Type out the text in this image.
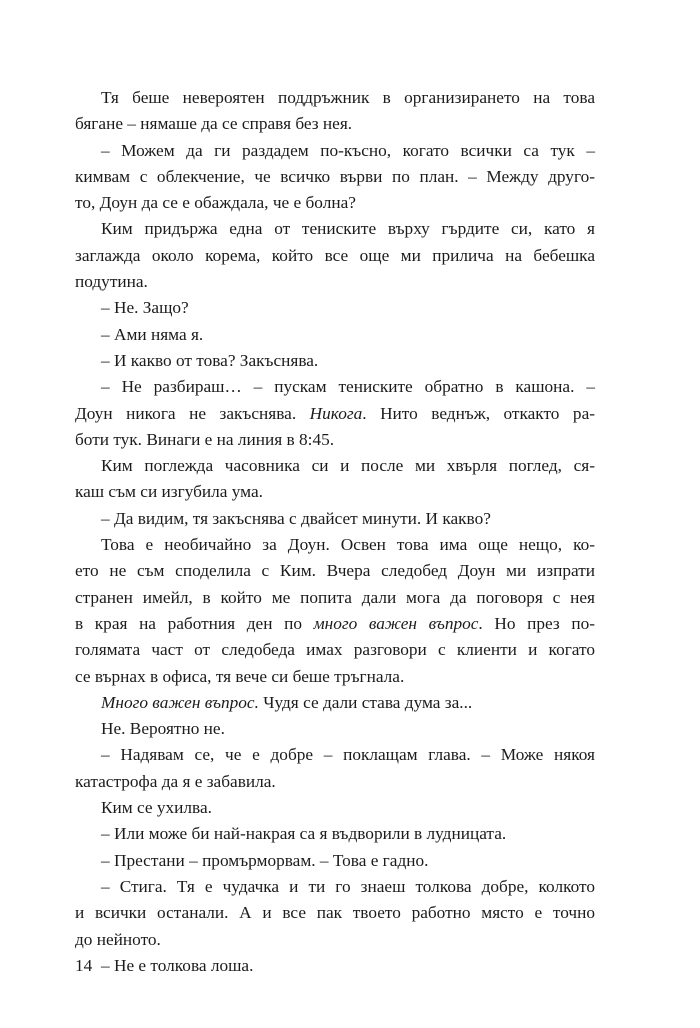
Тя беше невероятен поддръжник в организирането на това
бягане – нямаше да се справя без нея.
– Можем да ги раздадем по-късно, когато всички са тук –
кимвам с облекчение, че всичко върви по план. – Между друго-
то, Доун да се е обаждала, че е болна?
Ким придържа една от тениските върху гърдите си, като я
заглажда около корема, който все още ми прилича на бебешка
подутина.
– Не. Защо?
– Ами няма я.
– И какво от това? Закъснява.
– Не разбираш… – пускам тениските обратно в кашона. –
Доун никога не закъснява. Никога. Нито веднъж, откакто ра-
боти тук. Винаги е на линия в 8:45.
Ким поглежда часовника си и после ми хвърля поглед, ся-
каш съм си изгубила ума.
– Да видим, тя закъснява с двайсет минути. И какво?
Това е необичайно за Доун. Освен това има още нещо, ко-
ето не съм споделила с Ким. Вчера следобед Доун ми изпрати
странен имейл, в който ме попита дали мога да поговоря с нея
в края на работния ден по много важен въпрос. Но през по-
голямата част от следобеда имах разговори с клиенти и когато
се върнах в офиса, тя вече си беше тръгнала.
Много важен въпрос. Чудя се дали става дума за...
Не. Вероятно не.
– Надявам се, че е добре – поклащам глава. – Може някоя
катастрофа да я е забавила.
Ким се ухилва.
– Или може би най-накрая са я въдворили в лудницата.
– Престани – промърморвам. – Това е гадно.
– Стига. Тя е чудачка и ти го знаеш толкова добре, колкото
и всички останали. А и все пак твоето работно място е точно
до нейното.
– Не е толкова лоша.
14
